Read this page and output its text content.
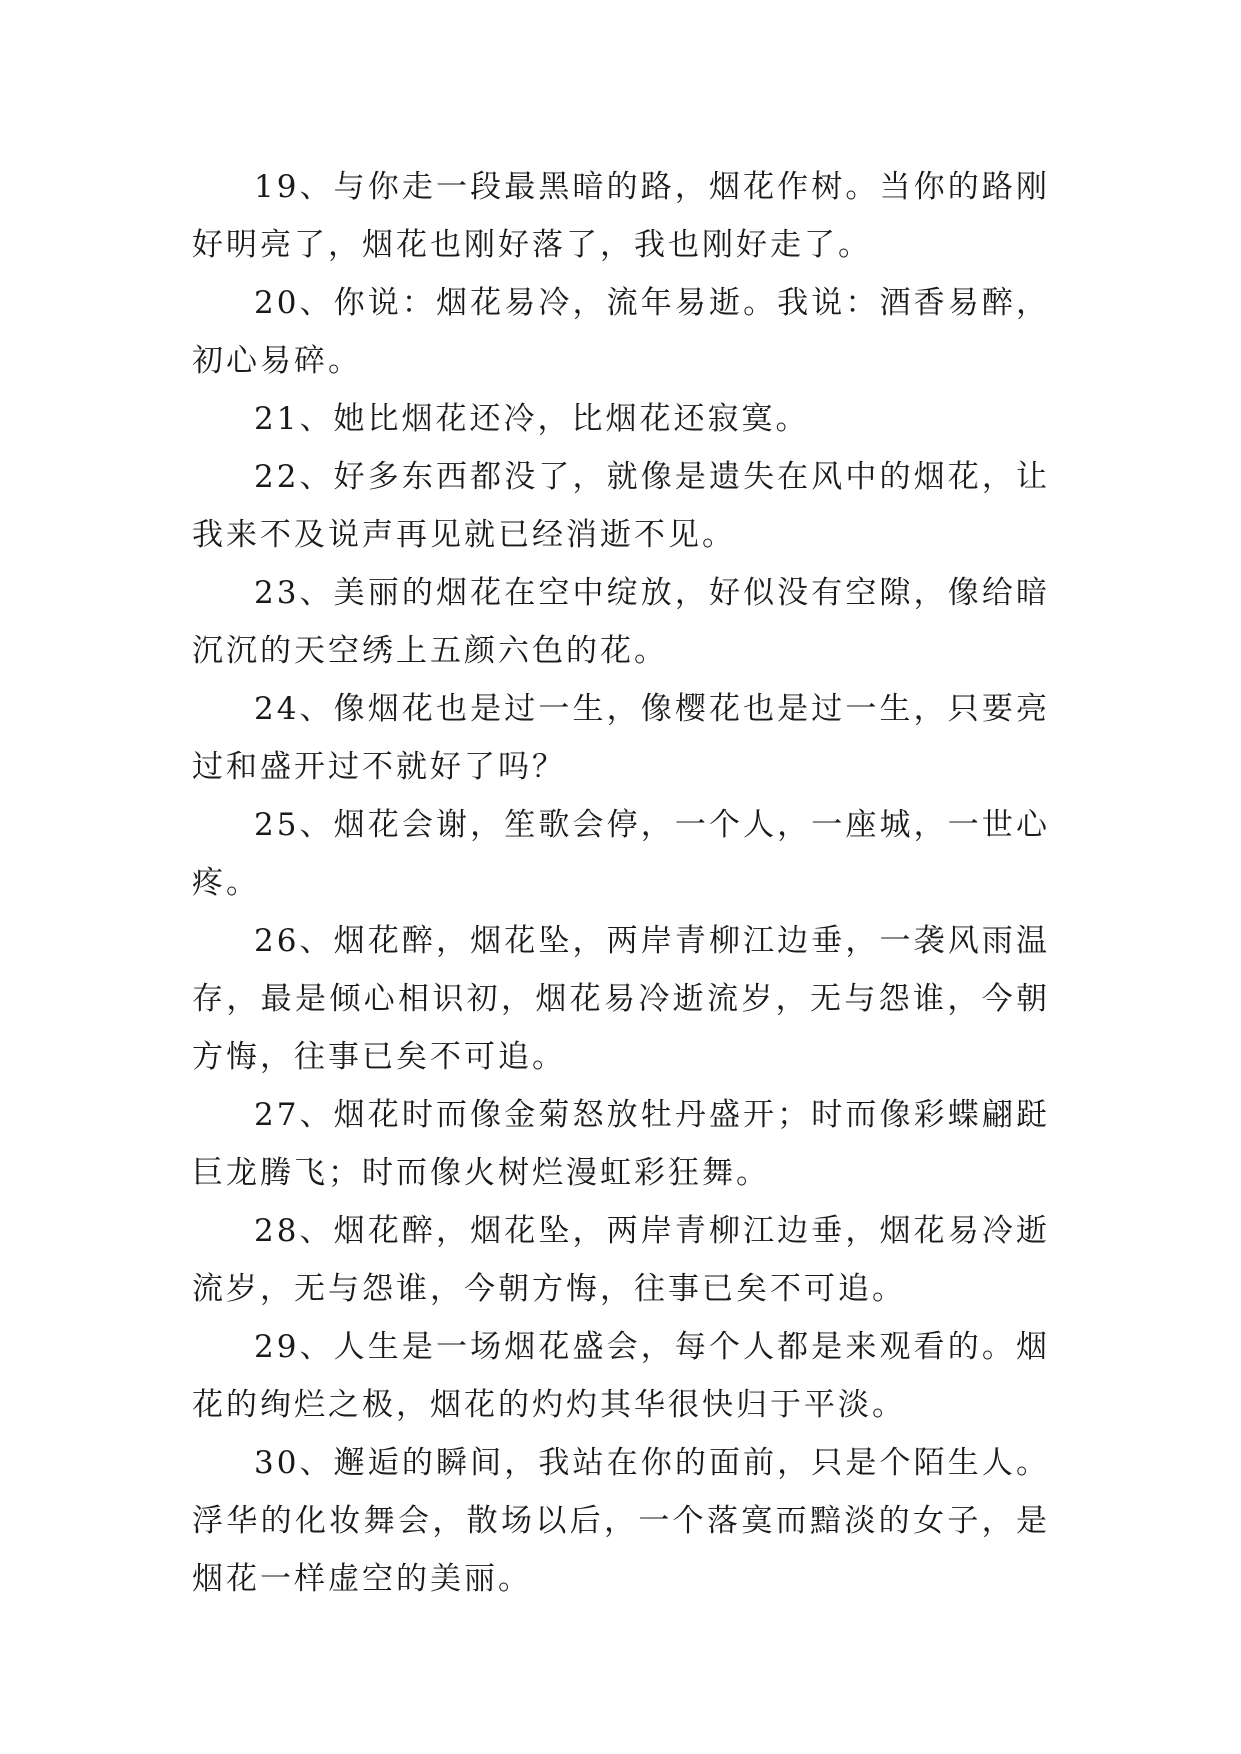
19、与你走一段最黑暗的路，烟花作树。当你的路刚好明亮了，烟花也刚好落了，我也刚好走了。

20、你说：烟花易冷，流年易逝。我说：酒香易醉，初心易碎。

21、她比烟花还冷，比烟花还寂寞。

22、好多东西都没了，就像是遗失在风中的烟花，让我来不及说声再见就已经消逝不见。

23、美丽的烟花在空中绽放，好似没有空隙，像给暗沉沉的天空绣上五颜六色的花。

24、像烟花也是过一生，像樱花也是过一生，只要亮过和盛开过不就好了吗？

25、烟花会谢，笙歌会停，一个人，一座城，一世心疼。

26、烟花醉，烟花坠，两岸青柳江边垂，一袭风雨温存，最是倾心相识初，烟花易冷逝流岁，无与怨谁，今朝方悔，往事已矣不可追。

27、烟花时而像金菊怒放牡丹盛开；时而像彩蝶翩跹巨龙腾飞；时而像火树烂漫虹彩狂舞。

28、烟花醉，烟花坠，两岸青柳江边垂，烟花易冷逝流岁，无与怨谁，今朝方悔，往事已矣不可追。

29、人生是一场烟花盛会，每个人都是来观看的。烟花的绚烂之极，烟花的灼灼其华很快归于平淡。

30、邂逅的瞬间，我站在你的面前，只是个陌生人。浮华的化妆舞会，散场以后，一个落寞而黯淡的女子，是烟花一样虚空的美丽。
